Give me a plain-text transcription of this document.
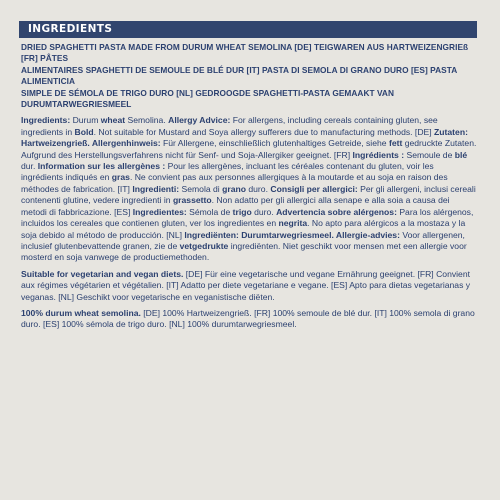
INGREDIENTS
DRIED SPAGHETTI PASTA MADE FROM DURUM WHEAT SEMOLINA [DE] TEIGWAREN AUS HARTWEIZENGRIEß [FR] PÂTES
ALIMENTAIRES SPAGHETTI DE SEMOULE DE BLÉ DUR [IT] PASTA DI SEMOLA DI GRANO DURO [ES] PASTA ALIMENTICIA
SIMPLE DE SÉMOLA DE TRIGO DURO [NL] GEDROOGDE SPAGHETTI-PASTA GEMAAKT VAN DURUMTARWEGRIESMEEL
Ingredients: Durum wheat Semolina. Allergy Advice: For allergens, including cereals containing gluten, see ingredients in Bold. Not suitable for Mustard and Soya allergy sufferers due to manufacturing methods. [DE] Zutaten: Hartweizengrieß. Allergenhinweis: Für Allergene, einschließlich glutenhaltiges Getreide, siehe fett gedruckte Zutaten. Aufgrund des Herstellungsverfahrens nicht für Senf- und Soja-Allergiker geeignet. [FR] Ingrédients : Semoule de blé dur. Information sur les allergènes : Pour les allergènes, incluant les céréales contenant du gluten, voir les ingrédients indiqués en gras. Ne convient pas aux personnes allergiques à la moutarde et au soja en raison des méthodes de fabrication. [IT] Ingredienti: Semola di grano duro. Consigli per allergici: Per gli allergeni, inclusi cereali contenenti glutine, vedere ingredienti in grassetto. Non adatto per gli allergici alla senape e alla soia a causa dei metodi di fabbricazione. [ES] Ingredientes: Sémola de trigo duro. Advertencia sobre alérgenos: Para los alérgenos, incluidos los cereales que contienen gluten, ver los ingredientes en negrita. No apto para alérgicos a la mostaza y la soja debido al método de producción. [NL] Ingrediënten: Durumtarwegriesmeel. Allergie-advies: Voor allergenen, inclusief glutenbevattende granen, zie de vetgedrukte ingrediënten. Niet geschikt voor mensen met een allergie voor mosterd en soja vanwege de productiemethoden.
Suitable for vegetarian and vegan diets. [DE] Für eine vegetarische und vegane Ernährung geeignet. [FR] Convient aux régimes végétarien et végétalien. [IT] Adatto per diete vegetariane e vegane. [ES] Apto para dietas vegetarianas y veganas. [NL] Geschikt voor vegetarische en veganistische diëten.
100% durum wheat semolina. [DE] 100% Hartweizengrieß. [FR] 100% semoule de blé dur. [IT] 100% semola di grano duro. [ES] 100% sémola de trigo duro. [NL] 100% durumtarwegriesmeel.
